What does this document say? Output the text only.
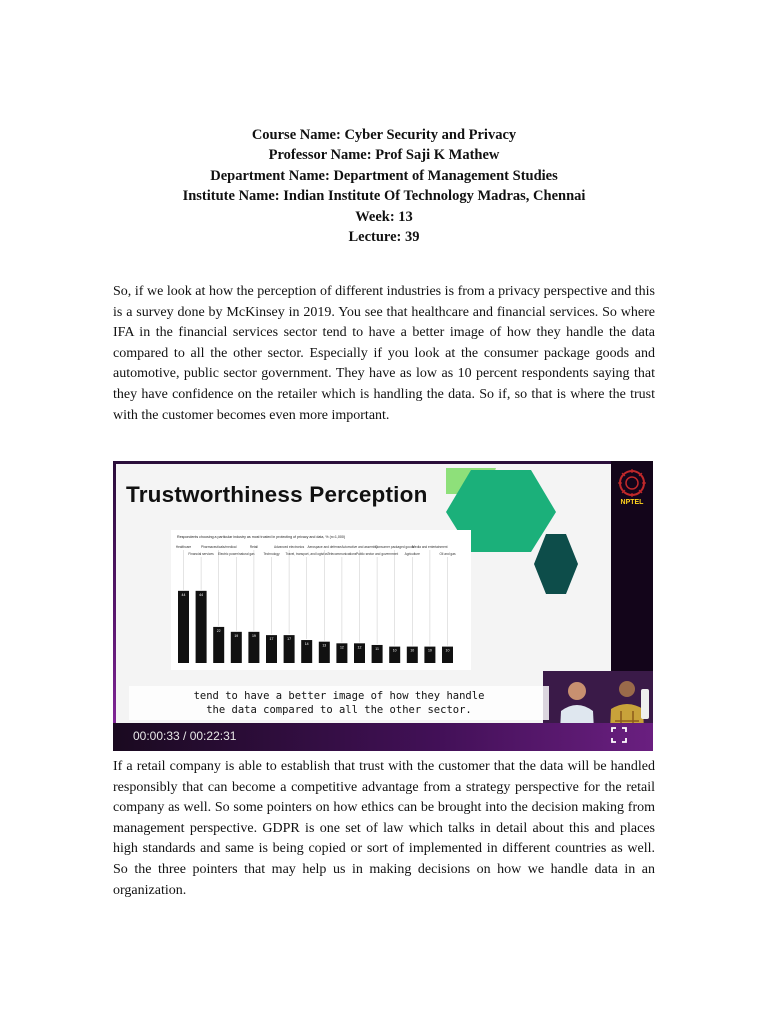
Course Name: Cyber Security and Privacy
Professor Name: Prof Saji K Mathew
Department Name: Department of Management Studies
Institute Name: Indian Institute Of Technology Madras, Chennai
Week: 13
Lecture: 39
So, if we look at how the perception of different industries is from a privacy perspective and this is a survey done by McKinsey in 2019. You see that healthcare and financial services. So where IFA in the financial services sector tend to have a better image of how they handle the data compared to all the other sector. Especially if you look at the consumer package goods and automotive, public sector government. They have as low as 10 percent respondents saying that they have confidence on the retailer which is handling the data. So if, so that is where the trust with the customer becomes even more important.
Trustworthiness Perception
Respondents choosing a particular industry as most trusted in protecting of privacy and data, % (n=1,000)
44	44
22
19	19
17	17
14	13	12	12	11	10	10	10	10
Healthcare
Financial services
Pharmaceuticals/medical
Electric power/natural gas
Retail
Technology
Advanced electronics
Travel, transport, and logistics
Aerospace and defense
Telecommunications
Automotive and assembly
Public sector and government
Consumer packaged goods
Agriculture
Media and entertainment
Oil and gas
NPTEL
tend to have a better image of how they handle
the data compared to all the other sector.
00:00:33 / 00:22:31
If a retail company is able to establish that trust with the customer that the data will be handled responsibly that can become a competitive advantage from a strategy perspective for the retail company as well. So some pointers on how ethics can be brought into the decision making from management perspective. GDPR is one set of law which talks in detail about this and places high standards and same is being copied or sort of implemented in different countries as well. So the three pointers that may help us in making decisions on how we handle data in an organization.
